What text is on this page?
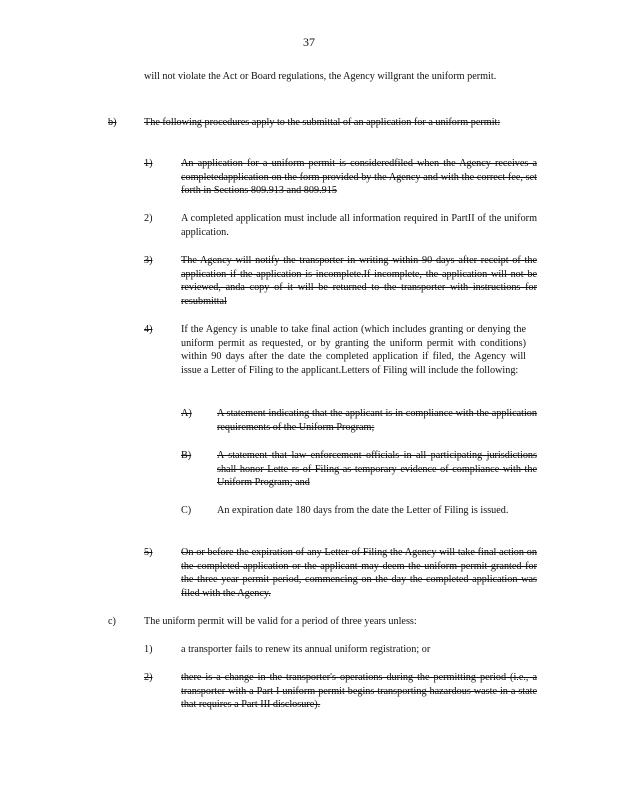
37
will not violate the Act or Board regulations, the Agency willgrant the uniform permit.
b)	The following procedures apply to the submittal of an application for a uniform permit:
1)	An application for a uniform permit is consideredfiled when the Agency receives a completedapplication on the form provided by the Agency and with the correct fee, set forth in Sections 809.913 and 809.915
2)	A completed application must include all information required in PartII of the uniform application.
3)	The Agency will notify the transporter in writing within 90 days after receipt of the application if the application is incomplete.If incomplete, the application will not be reviewed, anda copy of it will be returned to the transporter with instructions for resubmittal
4)	If the Agency is unable to take final action (which includes granting or denying the uniform permit as requested, or by granting the uniform permit with conditions) within 90 days after the date the completed application if filed, the Agency will issue a Letter of Filing to the applicant.Letters of Filing will include the following:
A)	A statement indicating that the applicant is in compliance with the application requirements of the Uniform Program;
B)	A statement that law enforcement officials in all participating jurisdictions shall honor Lette rs of Filing as temporary evidence of compliance with the Uniform Program; and
C)	An expiration date 180 days from the date the Letter of Filing is issued.
5)	On or before the expiration of any Letter of Filing the Agency will take final action on the completed application or the applicant may deem the uniform permit granted for the three year permit period, commencing on the day the completed application was filed with the Agency.
c)	The uniform permit will be valid for a period of three years unless:
1)	a transporter fails to renew its annual uniform registration; or
2)	there is a change in the transporter's operations during the permitting period (i.e., a transporter with a Part I uniform permit begins transporting hazardous waste in a state that requires a Part III disclosure).
